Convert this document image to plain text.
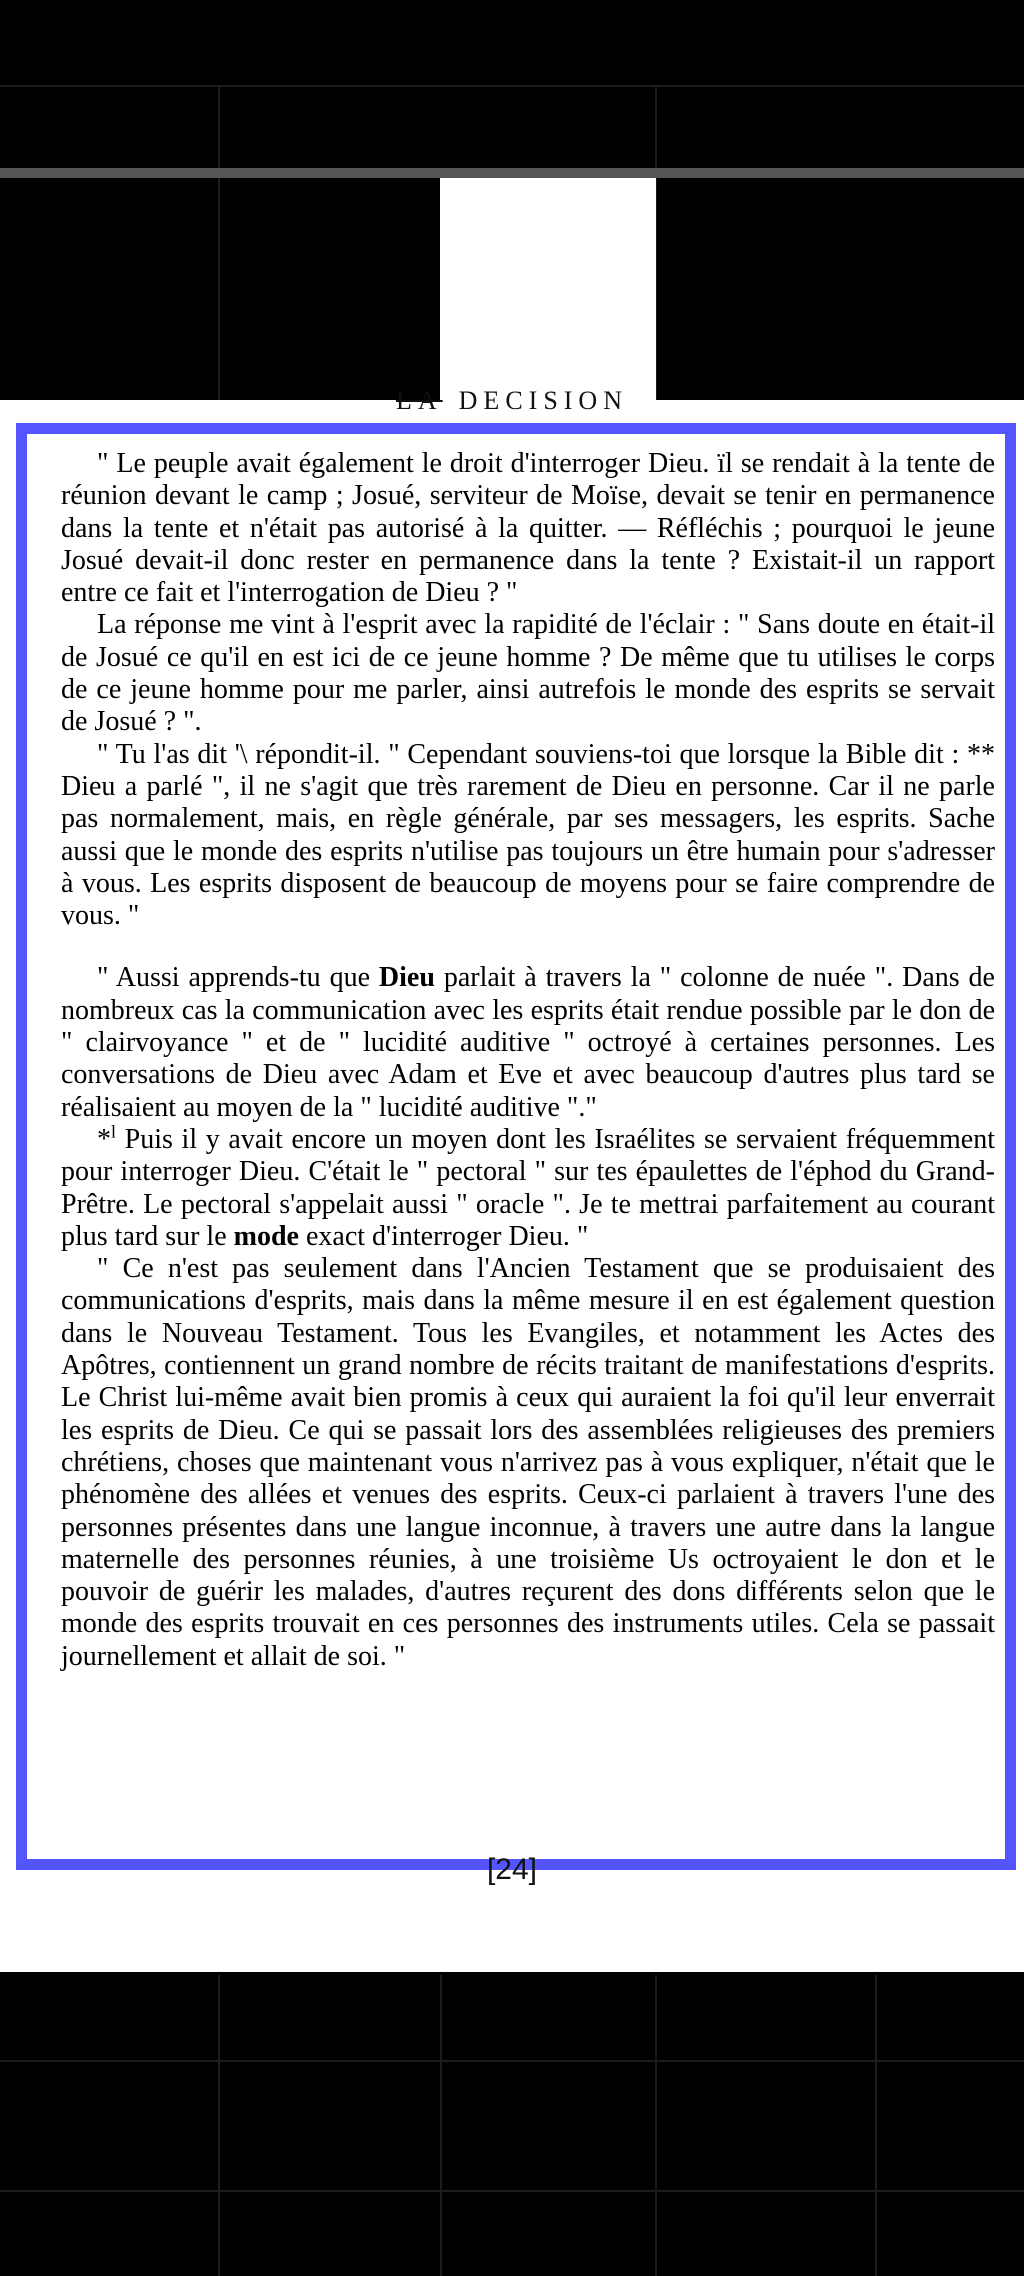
LA DECISION

" Le peuple avait également le droit d'interroger Dieu. ïl se rendait à la tente de réunion devant le camp ; Josué, serviteur de Moïse, devait se tenir en permanence dans la tente et n'était pas autorisé à la quitter. — Réfléchis ; pourquoi le jeune Josué devait-il donc rester en permanence dans la tente ? Existait-il un rapport entre ce fait et l'interrogation de Dieu ? "

La réponse me vint à l'esprit avec la rapidité de l'éclair : " Sans doute en était-il de Josué ce qu'il en est ici de ce jeune homme ? De même que tu utilises le corps de ce jeune homme pour me parler, ainsi autrefois le monde des esprits se servait de Josué ? ".

" Tu l'as dit '\ répondit-il. " Cependant souviens-toi que lorsque la Bible dit : ** Dieu a parlé ", il ne s'agit que très rarement de Dieu en personne. Car il ne parle pas normalement, mais, en règle générale, par ses messagers, les esprits. Sache aussi que le monde des esprits n'utilise pas toujours un être humain pour s'adresser à vous. Les esprits disposent de beaucoup de moyens pour se faire comprendre de vous. "

" Aussi apprends-tu que Dieu parlait à travers la " colonne de nuée ". Dans de nombreux cas la communication avec les esprits était rendue possible par le don de " clairvoyance " et de " lucidité auditive " octroyé à certaines personnes. Les conversations de Dieu avec Adam et Eve et avec beaucoup d'autres plus tard se réalisaient au moyen de la " lucidité auditive "."

*$^l$ Puis il y avait encore un moyen dont les Israélites se servaient fréquemment pour interroger Dieu. C'était le " pectoral " sur tes épaulettes de l'éphod du Grand-Prêtre. Le pectoral s'appelait aussi " oracle ". Je te mettrai parfaitement au courant plus tard sur le mode exact d'interroger Dieu. "

" Ce n'est pas seulement dans l'Ancien Testament que se produisaient des communications d'esprits, mais dans la même mesure il en est également question dans le Nouveau Testament. Tous les Evangiles, et notamment les Actes des Apôtres, contiennent un grand nombre de récits traitant de manifestations d'esprits. Le Christ lui-même avait bien promis à ceux qui auraient la foi qu'il leur enverrait les esprits de Dieu. Ce qui se passait lors des assemblées religieuses des premiers chrétiens, choses que maintenant vous n'arrivez pas à vous expliquer, n'était que le phénomène des allées et venues des esprits. Ceux-ci parlaient à travers l'une des personnes présentes dans une langue inconnue, à travers une autre dans la langue maternelle des personnes réunies, à une troisième Us octroyaient le don et le pouvoir de guérir les malades, d'autres reçurent des dons différents selon que le monde des esprits trouvait en ces personnes des instruments utiles. Cela se passait journellement et allait de soi. "

[24]
